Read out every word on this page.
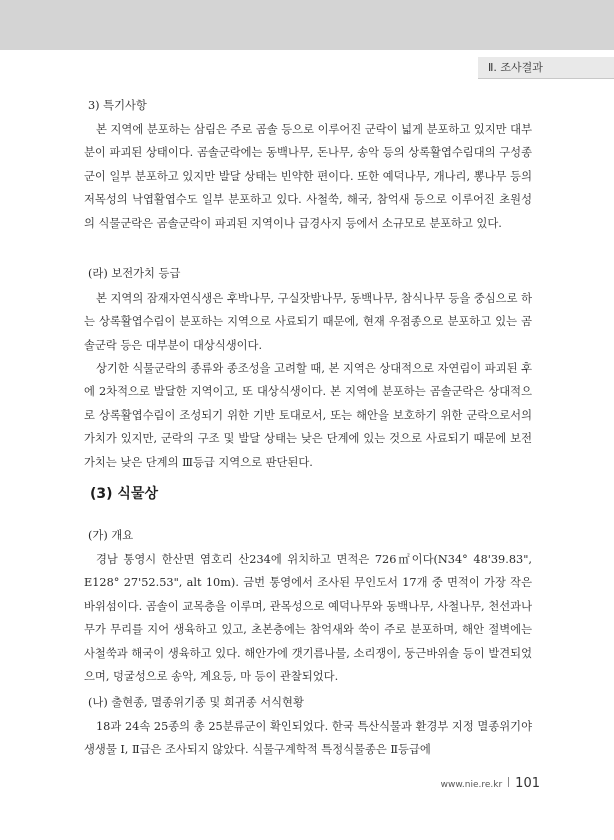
Ⅱ. 조사결과
3) 특기사항
본 지역에 분포하는 삼림은 주로 곰솔 등으로 이루어진 군락이 넓게 분포하고 있지만 대부분이 파괴된 상태이다. 곰솔군락에는 동백나무, 돈나무, 송악 등의 상록활엽수림대의 구성종군이 일부 분포하고 있지만 발달 상태는 빈약한 편이다. 또한 예덕나무, 개나리, 뽕나무 등의 저목성의 낙엽활엽수도 일부 분포하고 있다. 사철쑥, 해국, 참억새 등으로 이루어진 초원성의 식물군락은 곰솔군락이 파괴된 지역이나 급경사지 등에서 소규모로 분포하고 있다.
(라) 보전가치 등급
본 지역의 잠재자연식생은 후박나무, 구실잣밤나무, 동백나무, 참식나무 등을 중심으로 하는 상록활엽수림이 분포하는 지역으로 사료되기 때문에, 현재 우점종으로 분포하고 있는 곰솔군락 등은 대부분이 대상식생이다.
상기한 식물군락의 종류와 종조성을 고려할 때, 본 지역은 상대적으로 자연림이 파괴된 후에 2차적으로 발달한 지역이고, 또 대상식생이다. 본 지역에 분포하는 곰솔군락은 상대적으로 상록활엽수림이 조성되기 위한 기반 토대로서, 또는 해안을 보호하기 위한 군락으로서의 가치가 있지만, 군락의 구조 및 발달 상태는 낮은 단계에 있는 것으로 사료되기 때문에 보전가치는 낮은 단계의 Ⅲ등급 지역으로 판단된다.
(3) 식물상
(가) 개요
경남 통영시 한산면 염호리 산234에 위치하고 면적은 726㎡이다(N34° 48'39.83", E128° 27'52.53", alt 10m). 금번 통영에서 조사된 무인도서 17개 중 면적이 가장 작은 바위섬이다. 곰솔이 교목층을 이루며, 관목성으로 예덕나무와 동백나무, 사철나무, 천선과나무가 무리를 지어 생육하고 있고, 초본층에는 참억새와 쑥이 주로 분포하며, 해안 절벽에는 사철쑥과 해국이 생육하고 있다. 해안가에 갯기름나물, 소리쟁이, 둥근바위솔 등이 발견되었으며, 덩굴성으로 송악, 계요등, 마 등이 관찰되었다.
(나) 출현종, 멸종위기종 및 희귀종 서식현황
18과 24속 25종의 총 25분류군이 확인되었다. 한국 특산식물과 환경부 지정 멸종위기야생생물 Ⅰ, Ⅱ급은 조사되지 않았다. 식물구계학적 특정식물종은 Ⅱ등급에
www.nie.re.kr 101
